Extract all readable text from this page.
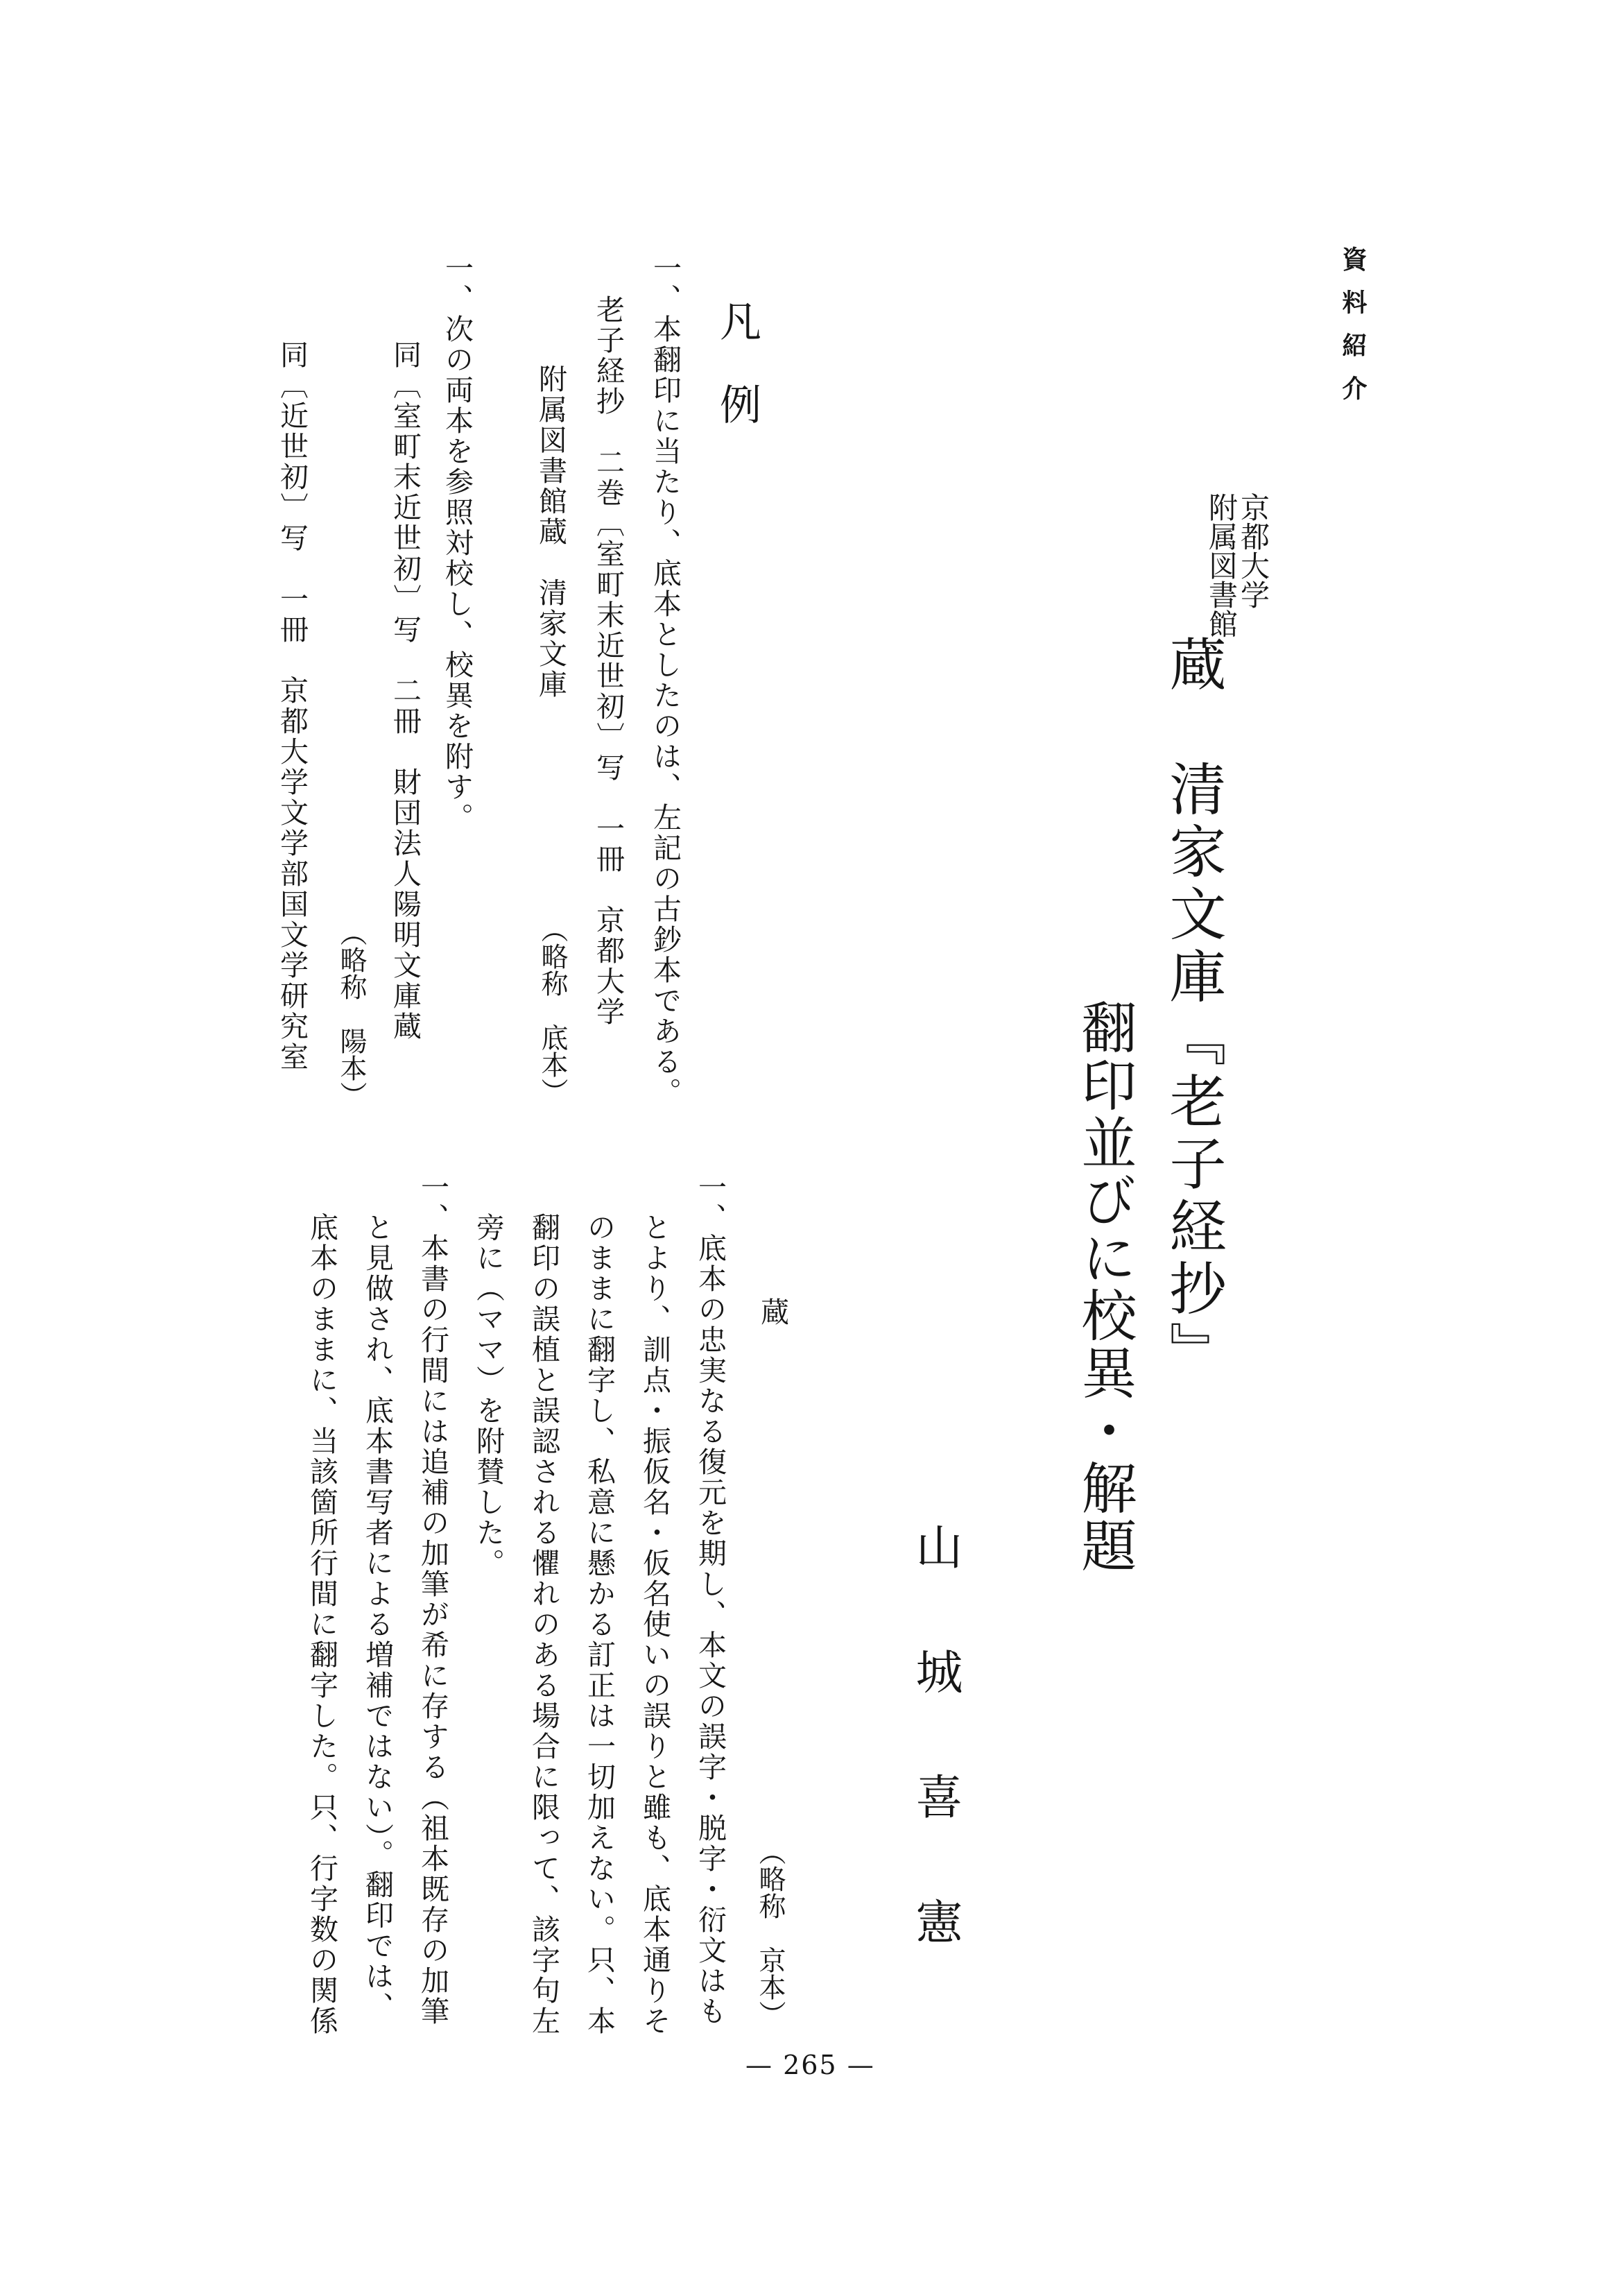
資料紹介
京都大学
附属図書館
蔵　清家文庫『老子経抄』
翻印並びに校異・解題
山城喜憲
蔵
（略称　京本）
一、底本の忠実なる復元を期し、本文の誤字・脱字・衍文はも
とより、訓点・振仮名・仮名使いの誤りと雖も、底本通りそ
のままに翻字し、私意に懸かる訂正は一切加えない。只、本
翻印の誤植と誤認される懼れのある場合に限って、該字句左
旁に（ママ）を附賛した。
一、本書の行間には追補の加筆が希に存する（祖本既存の加筆
と見做され、底本書写者による増補ではない）。翻印では、
底本のままに、当該箇所行間に翻字した。只、行字数の関係
凡例
一、本翻印に当たり、底本としたのは、左記の古鈔本である。
老子経抄　二巻〔室町末近世初〕写　一冊　京都大学
附属図書館蔵　清家文庫
（略称　底本）
一、次の両本を参照対校し、校異を附す。
同〔室町末近世初〕写　二冊　財団法人陽明文庫蔵
（略称　陽本）
同〔近世初〕写　一冊　京都大学文学部国文学研究室
— 265 —
